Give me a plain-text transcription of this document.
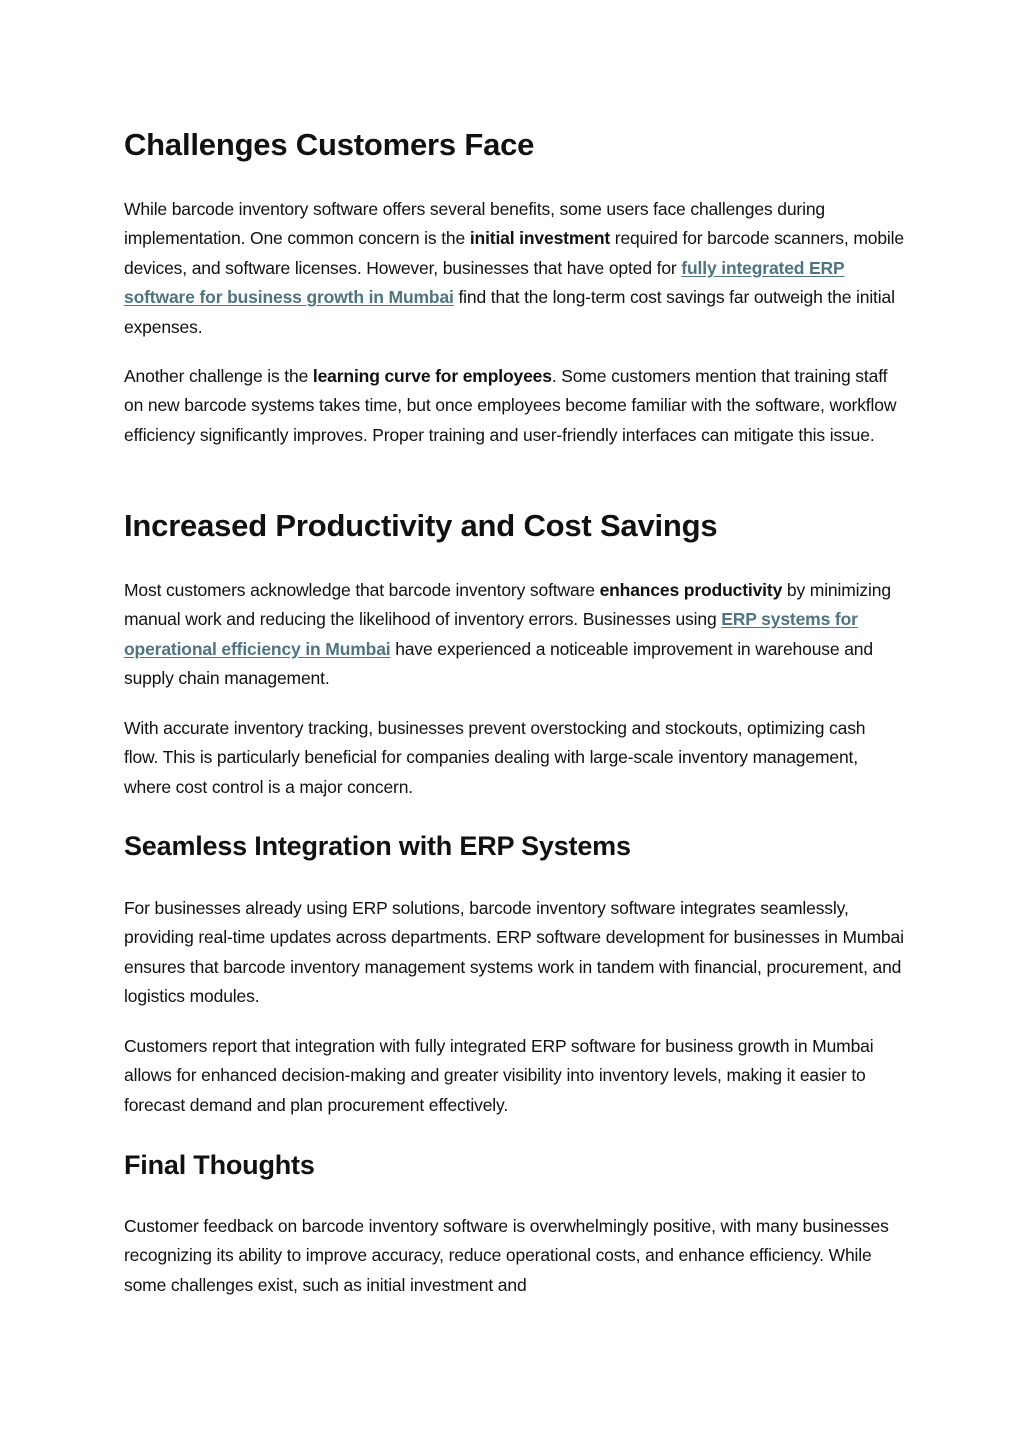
Challenges Customers Face

While barcode inventory software offers several benefits, some users face challenges during implementation. One common concern is the initial investment required for barcode scanners, mobile devices, and software licenses. However, businesses that have opted for fully integrated ERP software for business growth in Mumbai find that the long-term cost savings far outweigh the initial expenses.

Another challenge is the learning curve for employees. Some customers mention that training staff on new barcode systems takes time, but once employees become familiar with the software, workflow efficiency significantly improves. Proper training and user-friendly interfaces can mitigate this issue.

Increased Productivity and Cost Savings

Most customers acknowledge that barcode inventory software enhances productivity by minimizing manual work and reducing the likelihood of inventory errors. Businesses using ERP systems for operational efficiency in Mumbai have experienced a noticeable improvement in warehouse and supply chain management.

With accurate inventory tracking, businesses prevent overstocking and stockouts, optimizing cash flow. This is particularly beneficial for companies dealing with large-scale inventory management, where cost control is a major concern.

Seamless Integration with ERP Systems

For businesses already using ERP solutions, barcode inventory software integrates seamlessly, providing real-time updates across departments. ERP software development for businesses in Mumbai ensures that barcode inventory management systems work in tandem with financial, procurement, and logistics modules.

Customers report that integration with fully integrated ERP software for business growth in Mumbai allows for enhanced decision-making and greater visibility into inventory levels, making it easier to forecast demand and plan procurement effectively.

Final Thoughts

Customer feedback on barcode inventory software is overwhelmingly positive, with many businesses recognizing its ability to improve accuracy, reduce operational costs, and enhance efficiency. While some challenges exist, such as initial investment and
